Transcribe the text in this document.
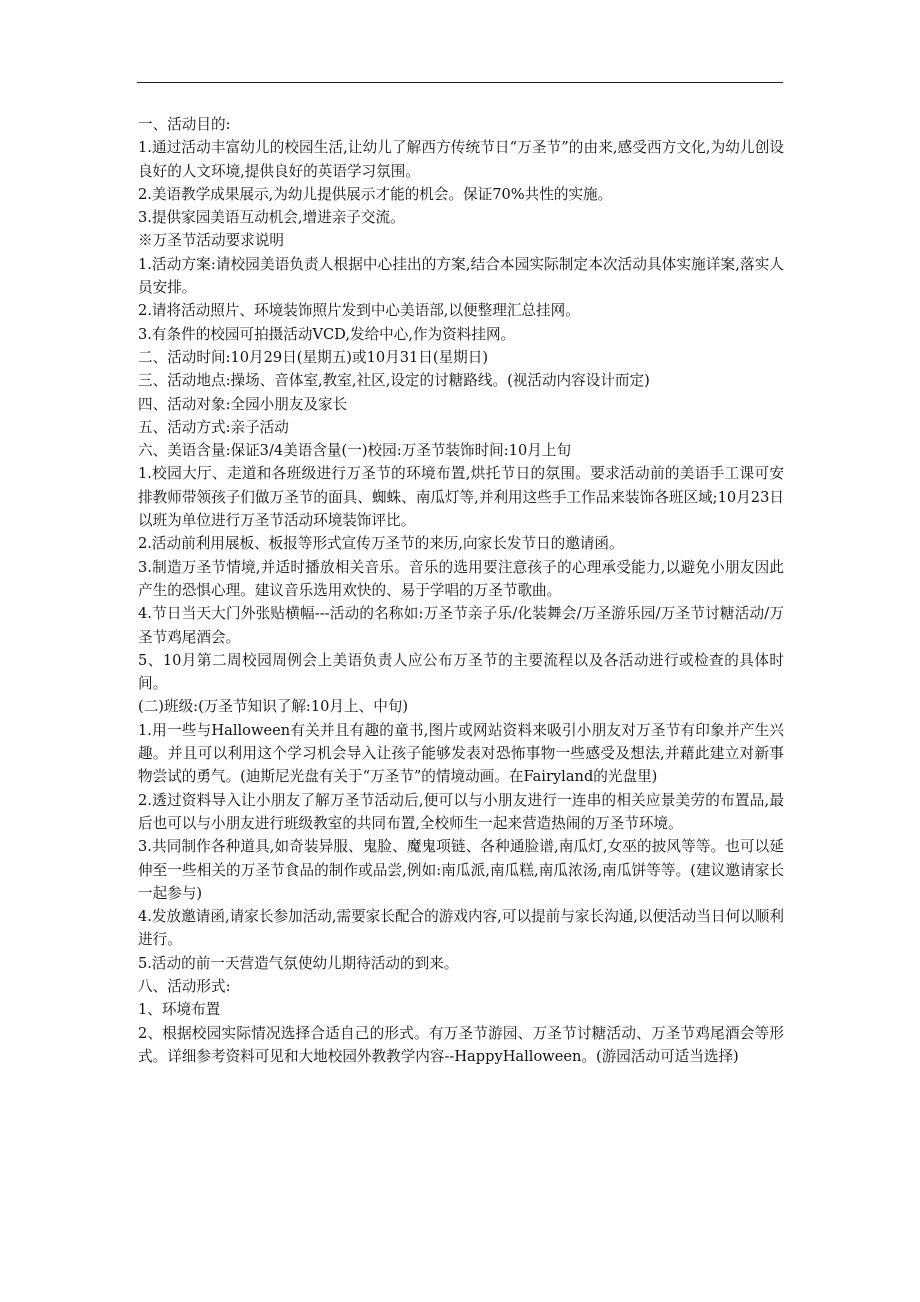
一、活动目的:

1.通过活动丰富幼儿的校园生活,让幼儿了解西方传统节日“万圣节”的由来,感受西方文化,为幼儿创设良好的人文环境,提供良好的英语学习氛围。

2.美语教学成果展示,为幼儿提供展示才能的机会。保证70%共性的实施。

3.提供家园美语互动机会,增进亲子交流。

※万圣节活动要求说明

1.活动方案:请校园美语负责人根据中心挂出的方案,结合本园实际制定本次活动具体实施详案,落实人员安排。

2.请将活动照片、环境装饰照片发到中心美语部,以便整理汇总挂网。

3.有条件的校园可拍摄活动VCD,发给中心,作为资料挂网。

二、活动时间:10月29日(星期五)或10月31日(星期日)

三、活动地点:操场、音体室,教室,社区,设定的讨糖路线。(视活动内容设计而定)

四、活动对象:全园小朋友及家长

五、活动方式:亲子活动

六、美语含量:保证3/4美语含量(一)校园:万圣节装饰时间:10月上旬

1.校园大厅、走道和各班级进行万圣节的环境布置,烘托节日的氛围。要求活动前的美语手工课可安排教师带领孩子们做万圣节的面具、蜘蛛、南瓜灯等,并利用这些手工作品来装饰各班区域;10月23日以班为单位进行万圣节活动环境装饰评比。

2.活动前利用展板、板报等形式宣传万圣节的来历,向家长发节日的邀请函。

3.制造万圣节情境,并适时播放相关音乐。音乐的选用要注意孩子的心理承受能力,以避免小朋友因此产生的恐惧心理。建议音乐选用欢快的、易于学唱的万圣节歌曲。

4.节日当天大门外张贴横幅---活动的名称如:万圣节亲子乐/化装舞会/万圣游乐园/万圣节讨糖活动/万圣节鸡尾酒会。

5、10月第二周校园周例会上美语负责人应公布万圣节的主要流程以及各活动进行或检查的具体时间。

(二)班级:(万圣节知识了解:10月上、中旬)

1.用一些与Halloween有关并且有趣的童书,图片或网站资料来吸引小朋友对万圣节有印象并产生兴趣。并且可以利用这个学习机会导入让孩子能够发表对恐怖事物一些感受及想法,并藉此建立对新事物尝试的勇气。(迪斯尼光盘有关于“万圣节”的情境动画。在Fairyland的光盘里)

2.透过资料导入让小朋友了解万圣节活动后,便可以与小朋友进行一连串的相关应景美劳的布置品,最后也可以与小朋友进行班级教室的共同布置,全校师生一起来营造热闹的万圣节环境。

3.共同制作各种道具,如奇装异服、鬼脸、魔鬼项链、各种通脸谱,南瓜灯,女巫的披风等等。也可以延伸至一些相关的万圣节食品的制作或品尝,例如:南瓜派,南瓜糕,南瓜浓汤,南瓜饼等等。(建议邀请家长一起参与)

4.发放邀请函,请家长参加活动,需要家长配合的游戏内容,可以提前与家长沟通,以便活动当日何以顺利进行。

5.活动的前一天营造气氛使幼儿期待活动的到来。

八、活动形式:

1、环境布置

2、根据校园实际情况选择合适自己的形式。有万圣节游园、万圣节讨糖活动、万圣节鸡尾酒会等形式。详细参考资料可见和大地校园外教教学内容--HappyHalloween。(游园活动可适当选择)
